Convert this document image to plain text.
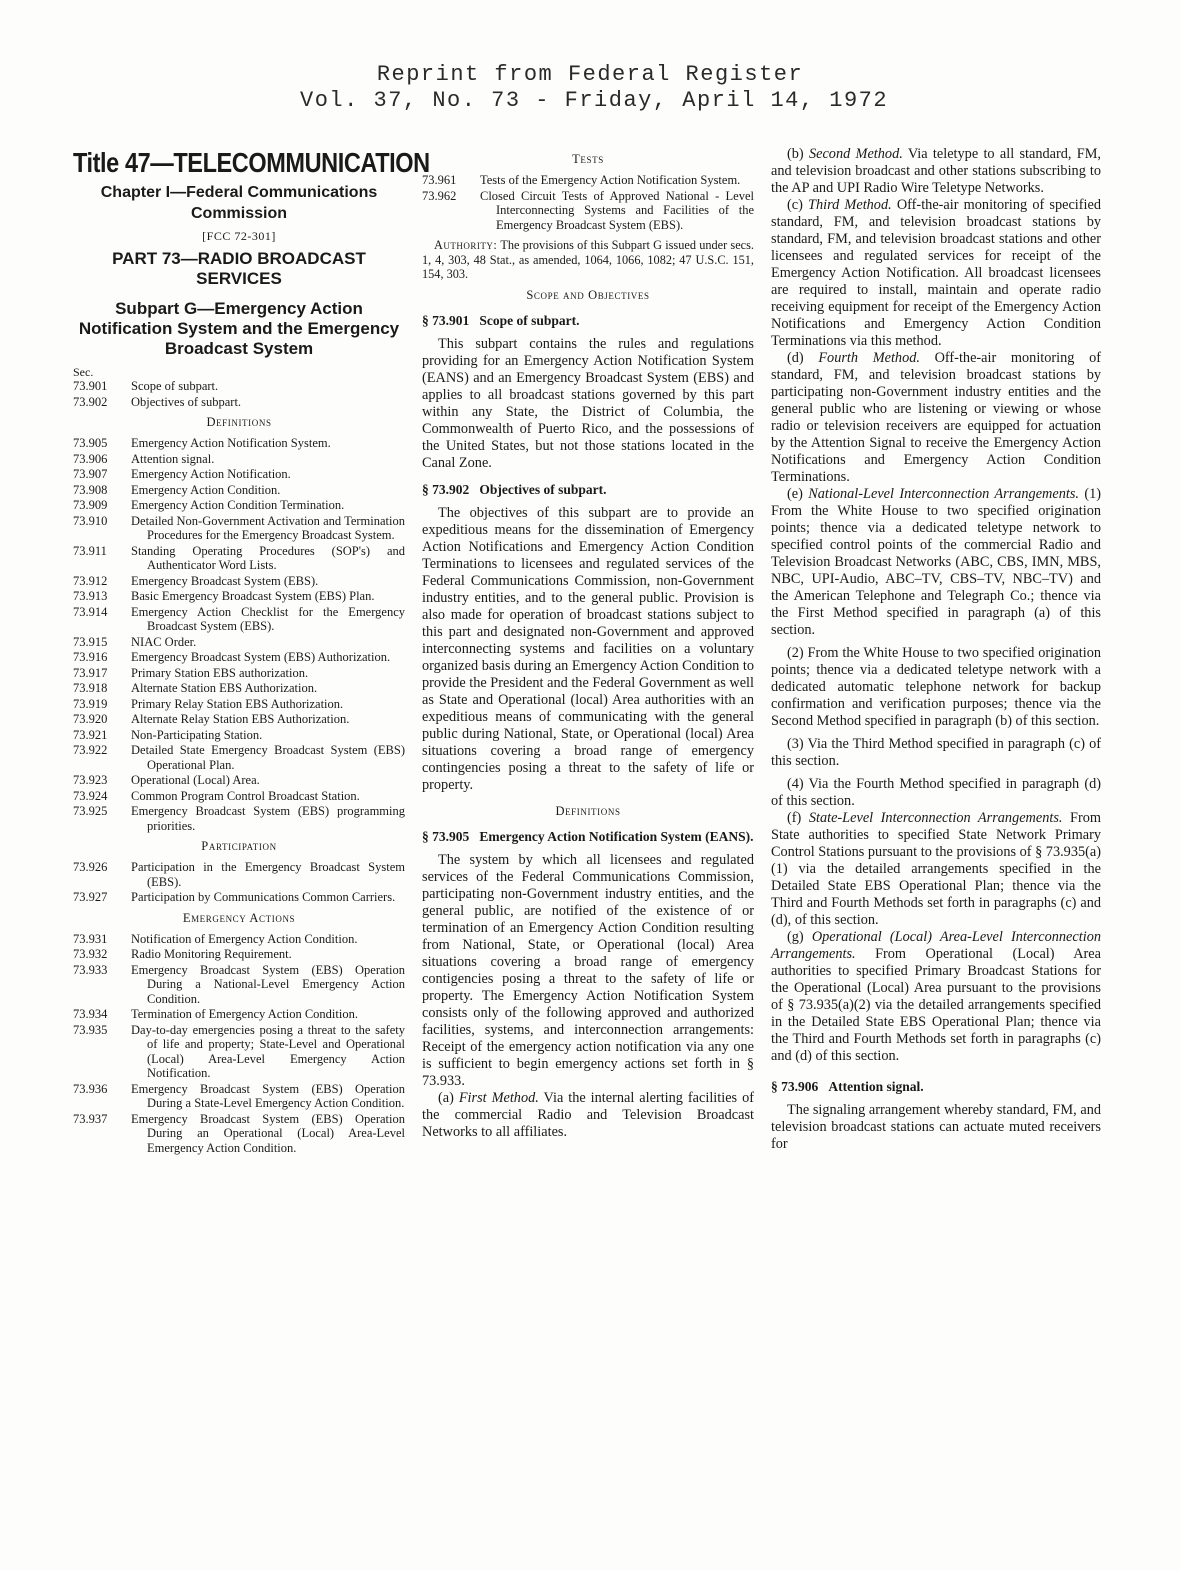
Reprint from Federal Register
Vol. 37, No. 73 - Friday, April 14, 1972
Title 47—TELECOMMUNICATION

Chapter I—Federal Communications Commission

[FCC 72-301]

PART 73—RADIO BROADCAST SERVICES

Subpart G—Emergency Action Notification System and the Emergency Broadcast System

Sec.
73.901	Scope of subpart.
73.902	Objectives of subpart.
Definitions
73.905	Emergency Action Notification System.
73.906	Attention signal.
73.907	Emergency Action Notification.
73.908	Emergency Action Condition.
73.909	Emergency Action Condition Termination.
73.910	Detailed Non-Government Activation and Termination Procedures for the Emergency Broadcast System.
73.911	Standing Operating Procedures (SOP's) and Authenticator Word Lists.
73.912	Emergency Broadcast System (EBS).
73.913	Basic Emergency Broadcast System (EBS) Plan.
73.914	Emergency Action Checklist for the Emergency Broadcast System (EBS).
73.915	NIAC Order.
73.916	Emergency Broadcast System (EBS) Authorization.
73.917	Primary Station EBS authorization.
73.918	Alternate Station EBS Authorization.
73.919	Primary Relay Station EBS Authorization.
73.920	Alternate Relay Station EBS Authorization.
73.921	Non-Participating Station.
73.922	Detailed State Emergency Broadcast System (EBS) Operational Plan.
73.923	Operational (Local) Area.
73.924	Common Program Control Broadcast Station.
73.925	Emergency Broadcast System (EBS) programming priorities.
Participation
73.926	Participation in the Emergency Broadcast System (EBS).
73.927	Participation by Communications Common Carriers.
Emergency Actions
73.931	Notification of Emergency Action Condition.
73.932	Radio Monitoring Requirement.
73.933	Emergency Broadcast System (EBS) Operation During a National-Level Emergency Action Condition.
73.934	Termination of Emergency Action Condition.
73.935	Day-to-day emergencies posing a threat to the safety of life and property; State-Level and Operational (Local) Area-Level Emergency Action Notification.
73.936	Emergency Broadcast System (EBS) Operation During a State-Level Emergency Action Condition.
73.937	Emergency Broadcast System (EBS) Operation During an Operational (Local) Area-Level Emergency Action Condition.
Tests
73.961	Tests of the Emergency Action Notification System.
73.962	Closed Circuit Tests of Approved National - Level Interconnecting Systems and Facilities of the Emergency Broadcast System (EBS).

Authority: The provisions of this Subpart G issued under secs. 1, 4, 303, 48 Stat., as amended, 1064, 1066, 1082; 47 U.S.C. 151, 154, 303.

Scope and Objectives

§ 73.901 Scope of subpart.

This subpart contains the rules and regulations providing for an Emergency Action Notification System (EANS) and an Emergency Broadcast System (EBS) and applies to all broadcast stations governed by this part within any State, the District of Columbia, the Commonwealth of Puerto Rico, and the possessions of the United States, but not those stations located in the Canal Zone.

§ 73.902 Objectives of subpart.

The objectives of this subpart are to provide an expeditious means for the dissemination of Emergency Action Notifications and Emergency Action Condition Terminations to licensees and regulated services of the Federal Communications Commission, non-Government industry entities, and to the general public. Provision is also made for operation of broadcast stations subject to this part and designated non-Government and approved interconnecting systems and facilities on a voluntary organized basis during an Emergency Action Condition to provide the President and the Federal Government as well as State and Operational (local) Area authorities with an expeditious means of communicating with the general public during National, State, or Operational (local) Area situations covering a broad range of emergency contingencies posing a threat to the safety of life or property.

Definitions

§ 73.905 Emergency Action Notification System (EANS).

The system by which all licensees and regulated services of the Federal Communications Commission, participating non-Government industry entities, and the general public, are notified of the existence of or termination of an Emergency Action Condition resulting from National, State, or Operational (local) Area situations covering a broad range of emergency contigencies posing a threat to the safety of life or property. The Emergency Action Notification System consists only of the following approved and authorized facilities, systems, and interconnection arrangements: Receipt of the emergency action notification via any one is sufficient to begin emergency actions set forth in § 73.933.

(a) First Method. Via the internal alerting facilities of the commercial Radio and Television Broadcast Networks to all affiliates.

(b) Second Method. Via teletype to all standard, FM, and television broadcast and other stations subscribing to the AP and UPI Radio Wire Teletype Networks.

(c) Third Method. Off-the-air monitoring of specified standard, FM, and television broadcast stations by standard, FM, and television broadcast stations and other licensees and regulated services for receipt of the Emergency Action Notification. All broadcast licensees are required to install, maintain and operate radio receiving equipment for receipt of the Emergency Action Notifications and Emergency Action Condition Terminations via this method.

(d) Fourth Method. Off-the-air monitoring of standard, FM, and television broadcast stations by participating non-Government industry entities and the general public who are listening or viewing or whose radio or television receivers are equipped for actuation by the Attention Signal to receive the Emergency Action Notifications and Emergency Action Condition Terminations.

(e) National-Level Interconnection Arrangements. (1) From the White House to two specified origination points; thence via a dedicated teletype network to specified control points of the commercial Radio and Television Broadcast Networks (ABC, CBS, IMN, MBS, NBC, UPI-Audio, ABC–TV, CBS–TV, NBC–TV) and the American Telephone and Telegraph Co.; thence via the First Method specified in paragraph (a) of this section.

(2) From the White House to two specified origination points; thence via a dedicated teletype network with a dedicated automatic telephone network for backup confirmation and verification purposes; thence via the Second Method specified in paragraph (b) of this section.

(3) Via the Third Method specified in paragraph (c) of this section.

(4) Via the Fourth Method specified in paragraph (d) of this section.

(f) State-Level Interconnection Arrangements. From State authorities to specified State Network Primary Control Stations pursuant to the provisions of § 73.935(a)(1) via the detailed arrangements specified in the Detailed State EBS Operational Plan; thence via the Third and Fourth Methods set forth in paragraphs (c) and (d), of this section.

(g) Operational (Local) Area-Level Interconnection Arrangements. From Operational (Local) Area authorities to specified Primary Broadcast Stations for the Operational (Local) Area pursuant to the provisions of § 73.935(a)(2) via the detailed arrangements specified in the Detailed State EBS Operational Plan; thence via the Third and Fourth Methods set forth in paragraphs (c) and (d) of this section.

§ 73.906 Attention signal.

The signaling arrangement whereby standard, FM, and television broadcast stations can actuate muted receivers for
